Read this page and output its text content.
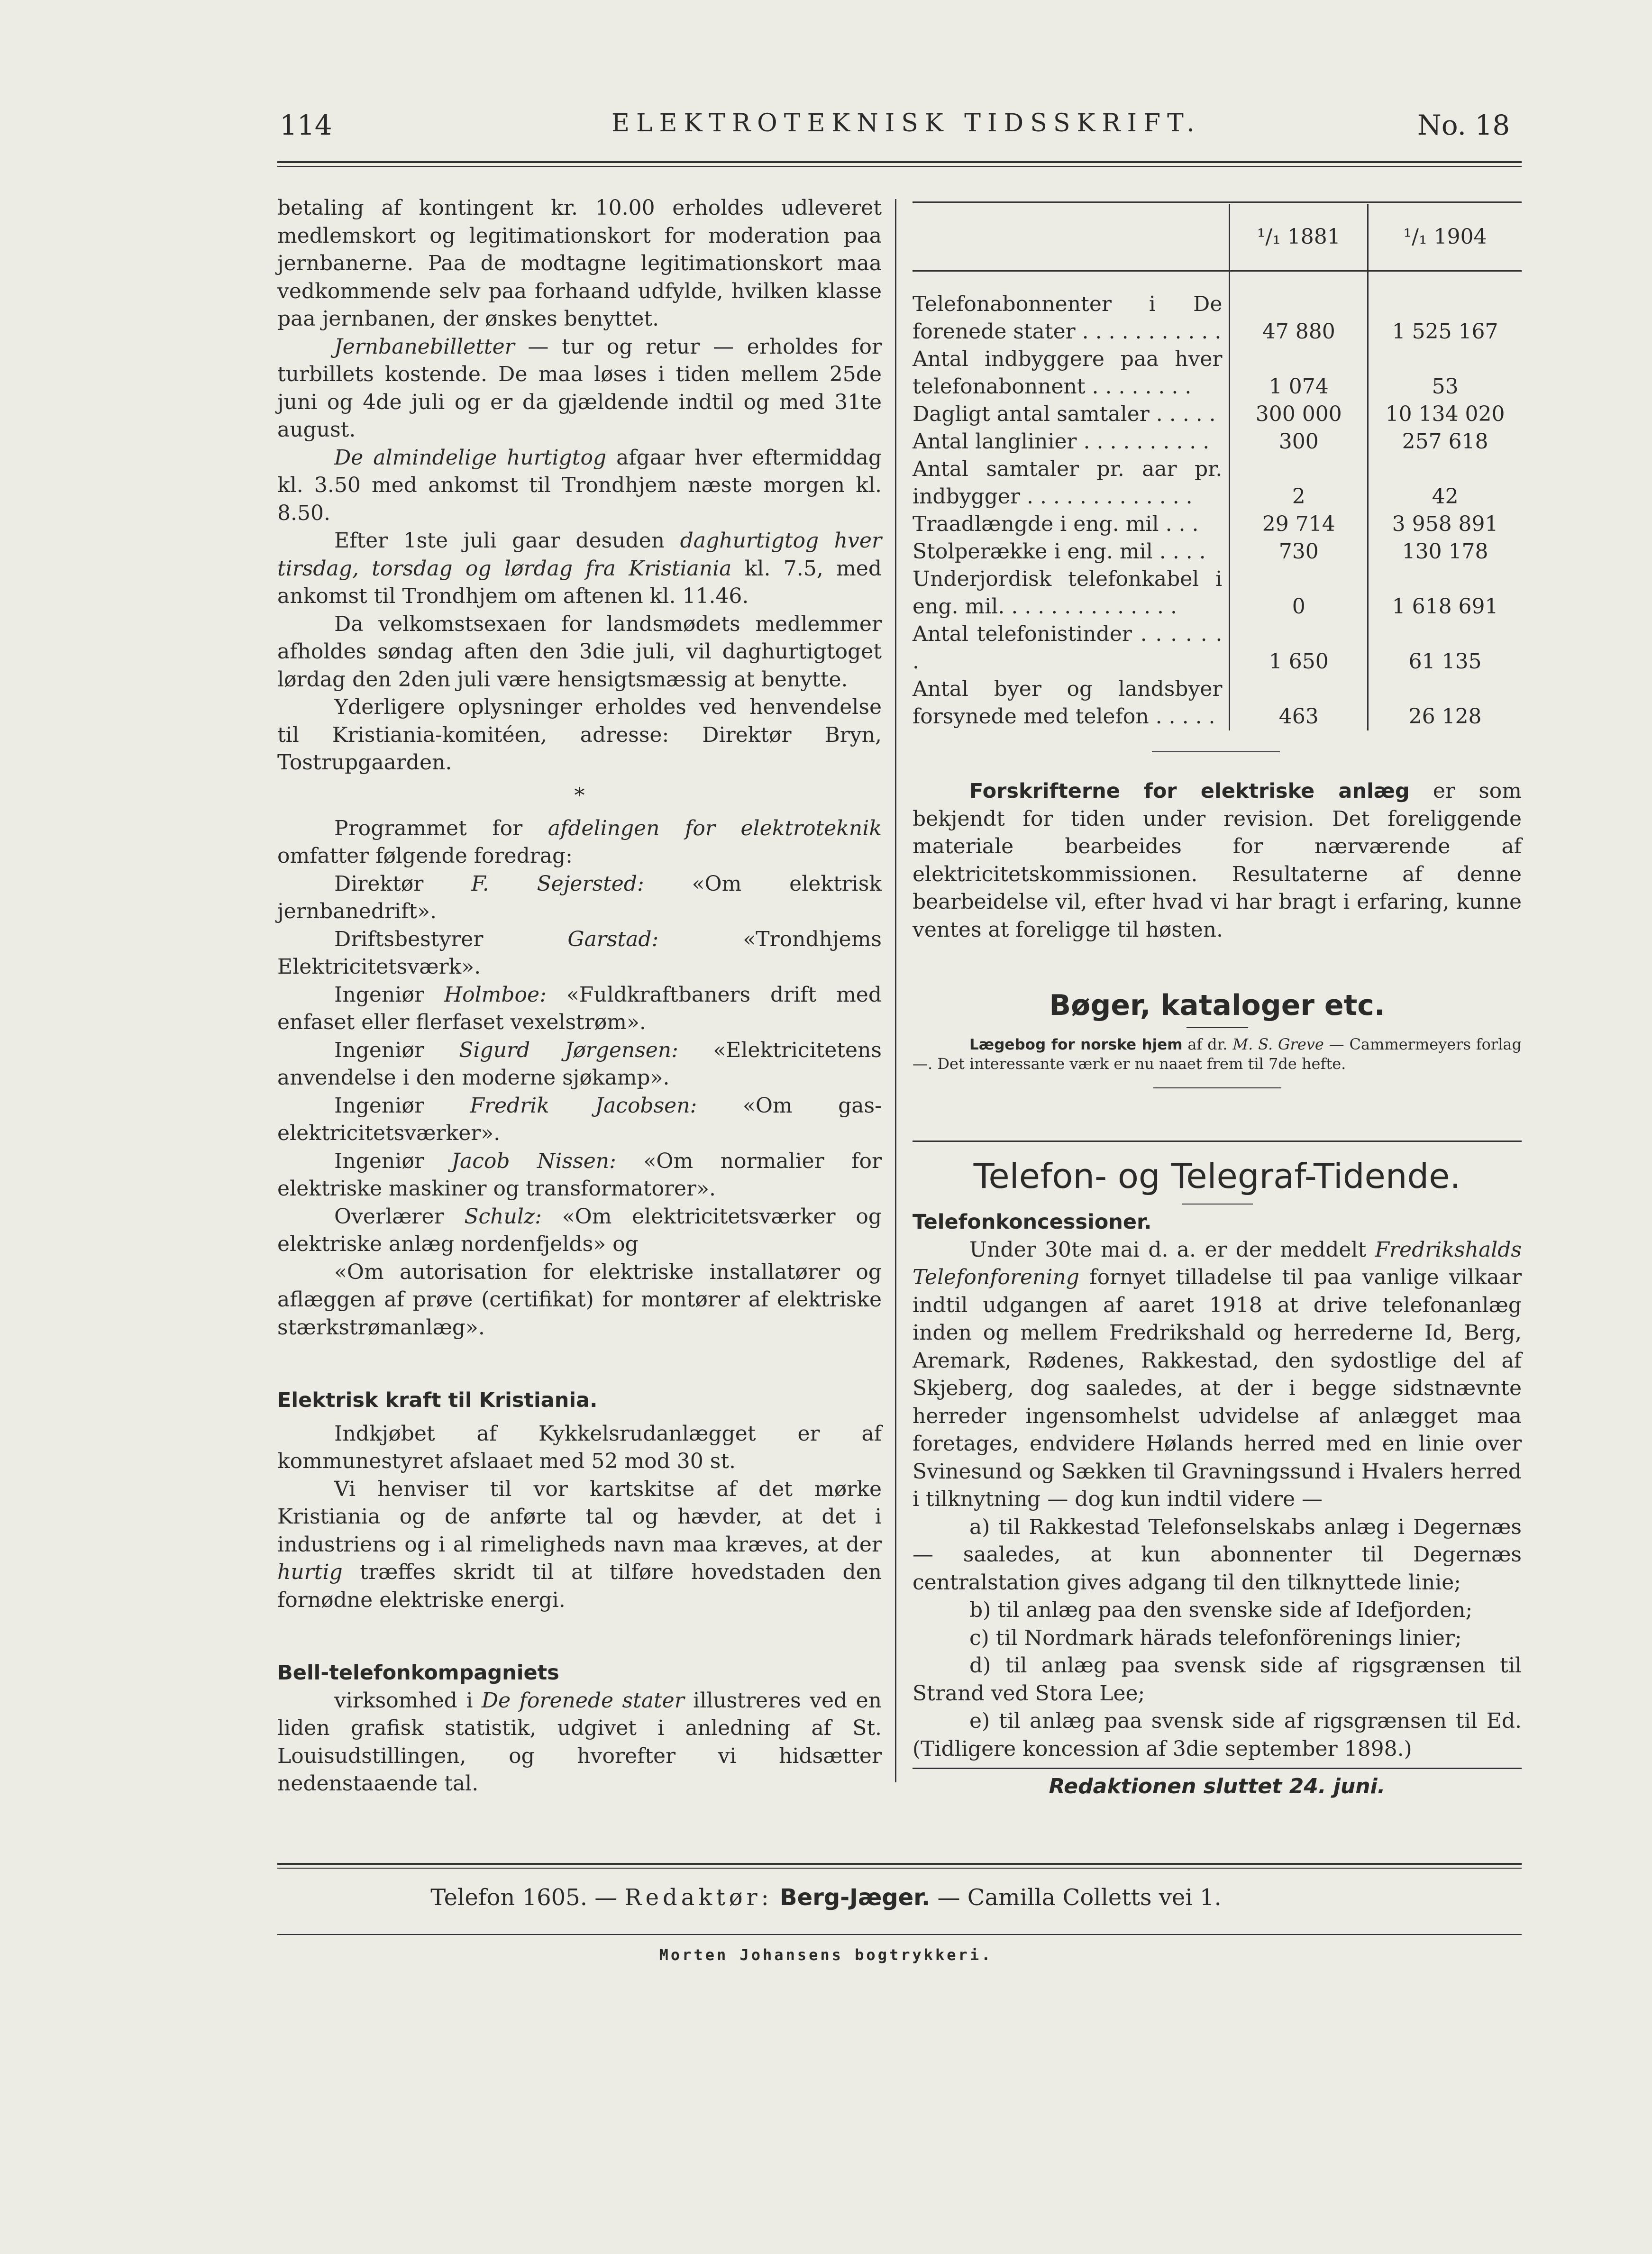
114	ELEKTROTEKNISK TIDSSKRIFT.	No. 18

betaling af kontingent kr. 10.00 erholdes udleveret medlemskort og legitimationskort for moderation paa jernbanerne. Paa de modtagne legitimationskort maa vedkommende selv paa forhaand udfylde, hvilken klasse paa jernbanen, der ønskes benyttet.

Jernbanebilletter — tur og retur — erholdes for turbillets kostende. De maa løses i tiden mellem 25de juni og 4de juli og er da gjældende indtil og med 31te august.

De almindelige hurtigtog afgaar hver eftermiddag kl. 3.50 med ankomst til Trondhjem næste morgen kl. 8.50.

Efter 1ste juli gaar desuden daghurtigtog hver tirsdag, torsdag og lørdag fra Kristiania kl. 7.5, med ankomst til Trondhjem om aftenen kl. 11.46.

Da velkomstsexaen for landsmødets medlemmer afholdes søndag aften den 3die juli, vil daghurtigtoget lørdag den 2den juli være hensigtsmæssig at benytte.

Yderligere oplysninger erholdes ved henvendelse til Kristiania-komitéen, adresse: Direktør Bryn, Tostrupgaarden.

*

Programmet for afdelingen for elektroteknik omfatter følgende foredrag:

Direktør F. Sejersted: «Om elektrisk jernbanedrift».

Driftsbestyrer Garstad: «Trondhjems Elektricitetsværk».

Ingeniør Holmboe: «Fuldkraftbaners drift med enfaset eller flerfaset vexelstrøm».

Ingeniør Sigurd Jørgensen: «Elektricitetens anvendelse i den moderne sjøkamp».

Ingeniør Fredrik Jacobsen: «Om gas-elektricitetsværker».

Ingeniør Jacob Nissen: «Om normalier for elektriske maskiner og transformatorer».

Overlærer Schulz: «Om elektricitetsværker og elektriske anlæg nordenfjelds» og

«Om autorisation for elektriske installatører og aflæggen af prøve (certifikat) for montører af elektriske stærkstrømanlæg».

Elektrisk kraft til Kristiania.

Indkjøbet af Kykkelsrudanlægget er af kommunestyret afslaaet med 52 mod 30 st.

Vi henviser til vor kartskitse af det mørke Kristiania og de anførte tal og hævder, at det i industriens og i al rimeligheds navn maa kræves, at der hurtig træffes skridt til at tilføre hovedstaden den fornødne elektriske energi.

Bell-telefonkompagniets

virksomhed i De forenede stater illustreres ved en liden grafisk statistik, udgivet i anledning af St. Louisudstillingen, og hvorefter vi hidsætter nedenstaaende tal.

	¹/₁ 1881	¹/₁ 1904
Telefonabonnenter i De forenede stater . . . . . . . . . . .	47 880	1 525 167
Antal indbyggere paa hver telefonabonnent . . . . . . . .	1 074	53
Dagligt antal samtaler . . . . .	300 000	10 134 020
Antal langlinier . . . . . . . . . .	300	257 618
Antal samtaler pr. aar pr. indbygger . . . . . . . . . . . . .	2	42
Traadlængde i eng. mil . . .	29 714	3 958 891
Stolperække i eng. mil . . . .	730	130 178
Underjordisk telefonkabel i eng. mil. . . . . . . . . . . . . .	0	1 618 691
Antal telefonistinder . . . . . . .	1 650	61 135
Antal byer og landsbyer forsynede med telefon . . . . .	463	26 128

Forskrifterne for elektriske anlæg er som bekjendt for tiden under revision. Det foreliggende materiale bearbeides for nærværende af elektricitetskommissionen. Resultaterne af denne bearbeidelse vil, efter hvad vi har bragt i erfaring, kunne ventes at foreligge til høsten.

Bøger, kataloger etc.

Lægebog for norske hjem af dr. M. S. Greve — Cammermeyers forlag —. Det interessante værk er nu naaet frem til 7de hefte.

Telefon- og Telegraf-Tidende.

Telefonkoncessioner.

Under 30te mai d. a. er der meddelt Fredrikshalds Telefonforening fornyet tilladelse til paa vanlige vilkaar indtil udgangen af aaret 1918 at drive telefonanlæg inden og mellem Fredrikshald og herrederne Id, Berg, Aremark, Rødenes, Rakkestad, den sydostlige del af Skjeberg, dog saaledes, at der i begge sidstnævnte herreder ingensomhelst udvidelse af anlægget maa foretages, endvidere Hølands herred med en linie over Svinesund og Sækken til Gravningssund i Hvalers herred i tilknytning — dog kun indtil videre —

a) til Rakkestad Telefonselskabs anlæg i Degernæs — saaledes, at kun abonnenter til Degernæs centralstation gives adgang til den tilknyttede linie;

b) til anlæg paa den svenske side af Idefjorden;

c) til Nordmark härads telefonförenings linier;

d) til anlæg paa svensk side af rigsgrænsen til Strand ved Stora Lee;

e) til anlæg paa svensk side af rigsgrænsen til Ed. (Tidligere koncession af 3die september 1898.)

Redaktionen sluttet 24. juni.

Telefon 1605. — Redaktør: Berg-Jæger. — Camilla Colletts vei 1.
Morten Johansens bogtrykkeri.
